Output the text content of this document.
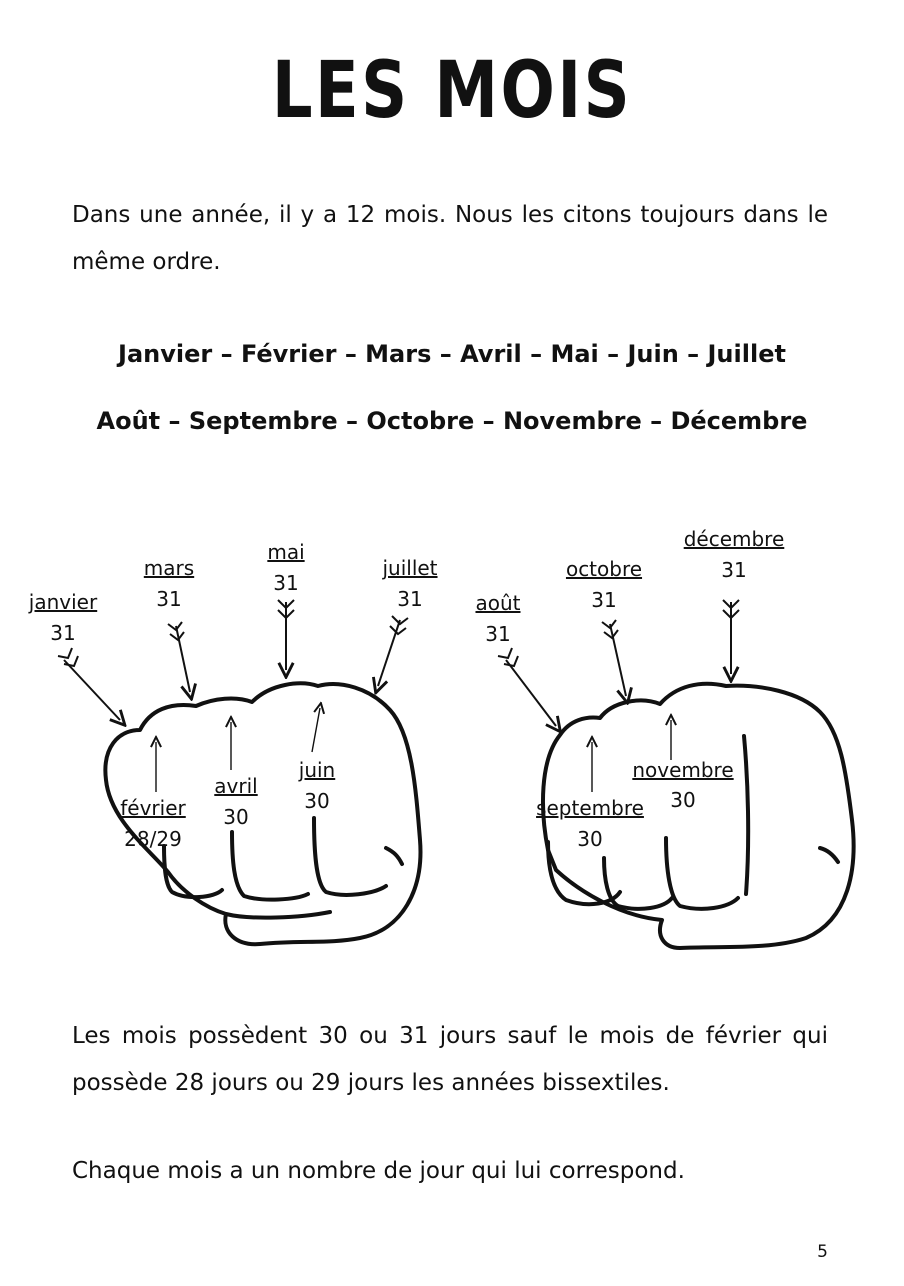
LES MOIS
Dans une année, il y a 12 mois. Nous les citons toujours dans le même ordre.
Janvier – Février – Mars – Avril – Mai – Juin – Juillet
Août – Septembre – Octobre – Novembre – Décembre
janvier
31
février
28/29
mars
31
avril
30
mai
31
juin
30
juillet
31	août
31
septembre
30
octobre
31
novembre
30
décembre
31
Les mois possèdent 30 ou 31 jours sauf le mois de février qui possède 28 jours ou 29 jours les années bissextiles.
Chaque mois a un nombre de jour qui lui correspond.
5
